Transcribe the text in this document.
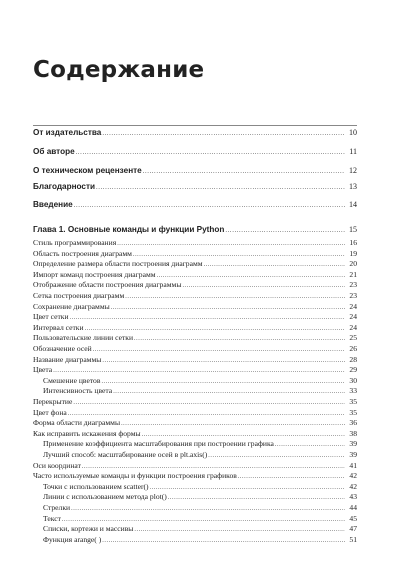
Содержание
От издательства .....	10
Об авторе .....	11
О техническом рецензенте .....	12
Благодарности .....	13
Введение .....	14
Глава 1. Основные команды и функции Python .....	15
Стиль программирования .....	16
Область построения диаграмм .....	19
Определение размера области построения диаграмм .....	20
Импорт команд построения диаграмм .....	21
Отображение области построения диаграммы .....	23
Сетка построения диаграмм .....	23
Сохранение диаграммы .....	24
Цвет сетки .....	24
Интервал сетки .....	24
Пользовательские линии сетки .....	25
Обозначение осей .....	26
Название диаграммы .....	28
Цвета .....	29
Смешение цветов .....	30
Интенсивность цвета .....	33
Перекрытие .....	35
Цвет фона .....	35
Форма области диаграммы .....	36
Как исправить искажения формы .....	38
Применение коэффициента масштабирования при построении графика .....	39
Лучший способ: масштабирование осей в plt.axis() .....	39
Оси координат .....	41
Часто используемые команды и функции построения графиков .....	42
Точки с использованием scatter() .....	42
Линии с использованием метода plot() .....	43
Стрелки .....	44
Текст .....	45
Списки, кортежи и массивы .....	47
Функция arange( ) .....	51
